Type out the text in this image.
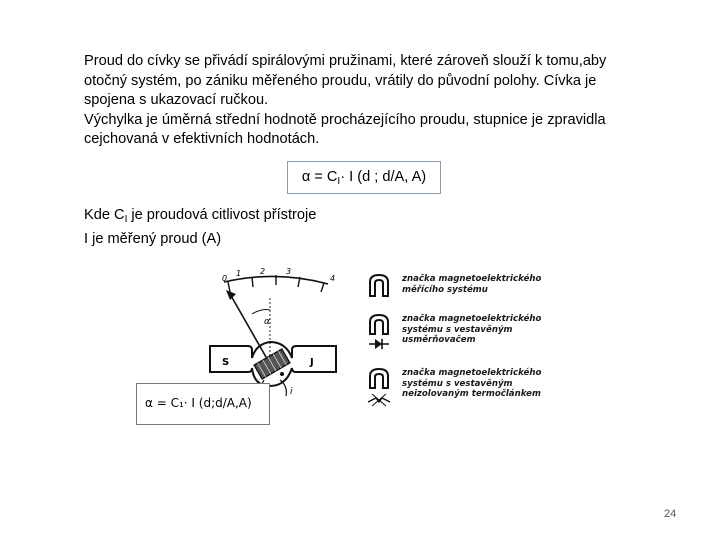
Proud do cívky se přivádí spirálovými pružinami, které zároveň slouží k tomu,aby
otočný systém, po zániku měřeného proudu, vrátily do původní polohy. Cívka je
spojena s ukazovací ručkou.
Výchylka je úměrná střední hodnotě procházejícího proudu, stupnice je zpravidla
cejchovaná v efektivních hodnotách.
$\alpha = C_I\cdot I$ (d ; d/A, A)
Kde $C_I$ je proudová citlivost přístroje
I je měřený proud (A)
0
1 2	3
4
α
S	J
i
značka magnetoelektrického
měřícího systému
značka magnetoelektrického
systému s vestavěným
usměrňovačem
značka magnetoelektrického
systému s vestavěným
neizolovaným termočlánkem
α = C₁· I (d;d/A,A)
24
